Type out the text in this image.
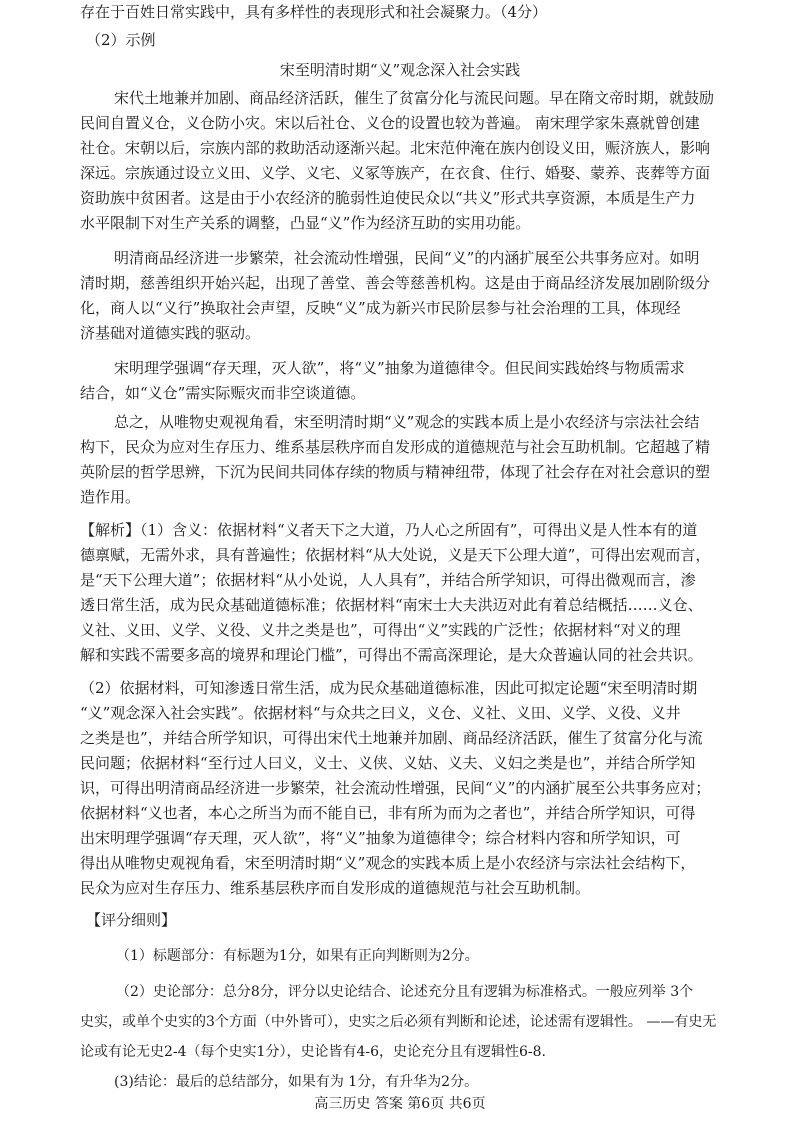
存在于百姓日常实践中，具有多样性的表现形式和社会凝聚力。（4分）
（2）示例
宋至明清时期“义”观念深入社会实践
宋代土地兼并加剧、商品经济活跃，催生了贫富分化与流民问题。早在隋文帝时期，就鼓励
民间自置义仓，义仓防小灾。宋以后社仓、义仓的设置也较为普遍。 南宋理学家朱熹就曾创建
社仓。宋朝以后，宗族内部的救助活动逐渐兴起。北宋范仲淹在族内创设义田，赈济族人，影响
深远。宗族通过设立义田、义学、义宅、义冢等族产，在衣食、住行、婚娶、蒙养、丧葬等方面
资助族中贫困者。这是由于小农经济的脆弱性迫使民众以“共义”形式共享资源，本质是生产力
水平限制下对生产关系的调整，凸显“义”作为经济互助的实用功能。
明清商品经济进一步繁荣，社会流动性增强，民间“义”的内涵扩展至公共事务应对。如明
清时期，慈善组织开始兴起，出现了善堂、善会等慈善机构。这是由于商品经济发展加剧阶级分
化，商人以“义行”换取社会声望，反映“义”成为新兴市民阶层参与社会治理的工具，体现经
济基础对道德实践的驱动。
宋明理学强调“存天理，灭人欲”，将“义”抽象为道德律令。但民间实践始终与物质需求
结合，如“义仓”需实际赈灾而非空谈道德。
总之，从唯物史观视角看，宋至明清时期“义”观念的实践本质上是小农经济与宗法社会结
构下，民众为应对生存压力、维系基层秩序而自发形成的道德规范与社会互助机制。它超越了精
英阶层的哲学思辨，下沉为民间共同体存续的物质与精神纽带，体现了社会存在对社会意识的塑
造作用。
【解析】（1）含义：依据材料“义者天下之大道，乃人心之所固有”，可得出义是人性本有的道
德禀赋，无需外求，具有普遍性；依据材料“从大处说，义是天下公理大道”，可得出宏观而言，
是“天下公理大道”；依据材料“从小处说，人人具有”，并结合所学知识，可得出微观而言，渗
透日常生活，成为民众基础道德标准；依据材料“南宋士大夫洪迈对此有着总结概括……义仓、
义社、义田、义学、义役、义井之类是也”，可得出“义”实践的广泛性；依据材料“对义的理
解和实践不需要多高的境界和理论门槛”，可得出不需高深理论，是大众普遍认同的社会共识。
（2）依据材料，可知渗透日常生活，成为民众基础道德标准，因此可拟定论题“宋至明清时期
“义”观念深入社会实践”。依据材料“与众共之曰义，义仓、义社、义田、义学、义役、义井
之类是也”，并结合所学知识，可得出宋代土地兼并加剧、商品经济活跃，催生了贫富分化与流
民问题；依据材料“至行过人曰义，义士、义侠、义姑、义夫、义妇之类是也”，并结合所学知
识，可得出明清商品经济进一步繁荣，社会流动性增强，民间“义”的内涵扩展至公共事务应对；
依据材料“义也者，本心之所当为而不能自已，非有所为而为之者也”，并结合所学知识，可得
出宋明理学强调“存天理，灭人欲”，将“义”抽象为道德律令；综合材料内容和所学知识，可
得出从唯物史观视角看，宋至明清时期“义”观念的实践本质上是小农经济与宗法社会结构下，
民众为应对生存压力、维系基层秩序而自发形成的道德规范与社会互助机制。
【评分细则】
（1）标题部分：有标题为1分，如果有正向判断则为2分。
（2）史论部分：总分8分，评分以史论结合、论述充分且有逻辑为标准格式。一般应列举 3个
史实，或单个史实的3个方面（中外皆可），史实之后必须有判断和论述，论述需有逻辑性。 ——有史无
论或有论无史2-4（每个史实1分），史论皆有4-6，史论充分且有逻辑性6-8.
(3)结论：最后的总结部分，如果有为 1分，有升华为2分。
高三历史 答案 第6页 共6页
